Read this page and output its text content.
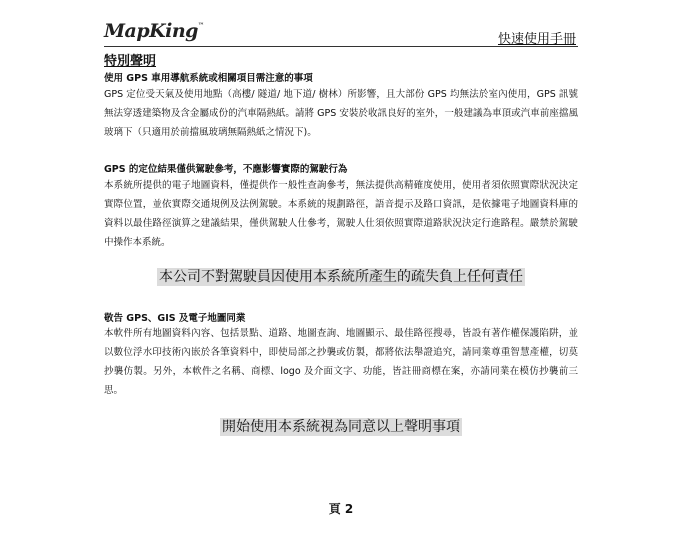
MapKing™
快速使用手冊
特別聲明
使用 GPS 車用導航系統或相關項目需注意的事項
GPS 定位受天氣及使用地點（高樓/ 隧道/ 地下道/ 樹林）所影響，且大部份 GPS 均無法於室內使用，GPS 訊號無法穿透建築物及含金屬成份的汽車隔熱紙。請將 GPS 安裝於收訊良好的室外，一般建議為車頂或汽車前座擋風玻璃下（只適用於前擋風玻璃無隔熱紙之情況下)。
GPS 的定位結果僅供駕駛參考，不應影響實際的駕駛行為
本系統所提供的電子地圖資料，僅提供作一般性查詢參考，無法提供高精確度使用，使用者須依照實際狀況決定實際位置，並依實際交通規例及法例駕駛。本系統的規劃路徑，語音提示及路口資訊，是依據電子地圖資料庫的資料以最佳路徑演算之建議結果，僅供駕駛人仕參考，駕駛人仕須依照實際道路狀況決定行進路程。嚴禁於駕駛中操作本系統。
本公司不對駕駛員因使用本系統所產生的疏失負上任何責任
敬告 GPS、GIS 及電子地圖同業
本軟件所有地圖資料內容、包括景點、道路、地圖查詢、地圖顯示、最佳路徑搜尋，皆設有著作權保護陷阱，並以數位浮水印技術內嵌於各筆資料中，即使局部之抄襲或仿製，都將依法舉證追究，請同業尊重智慧產權，切莫抄襲仿製。另外，本軟件之名稱、商標、logo 及介面文字、功能，皆註冊商標在案，亦請同業在模仿抄襲前三思。
開始使用本系統視為同意以上聲明事項
頁 2
